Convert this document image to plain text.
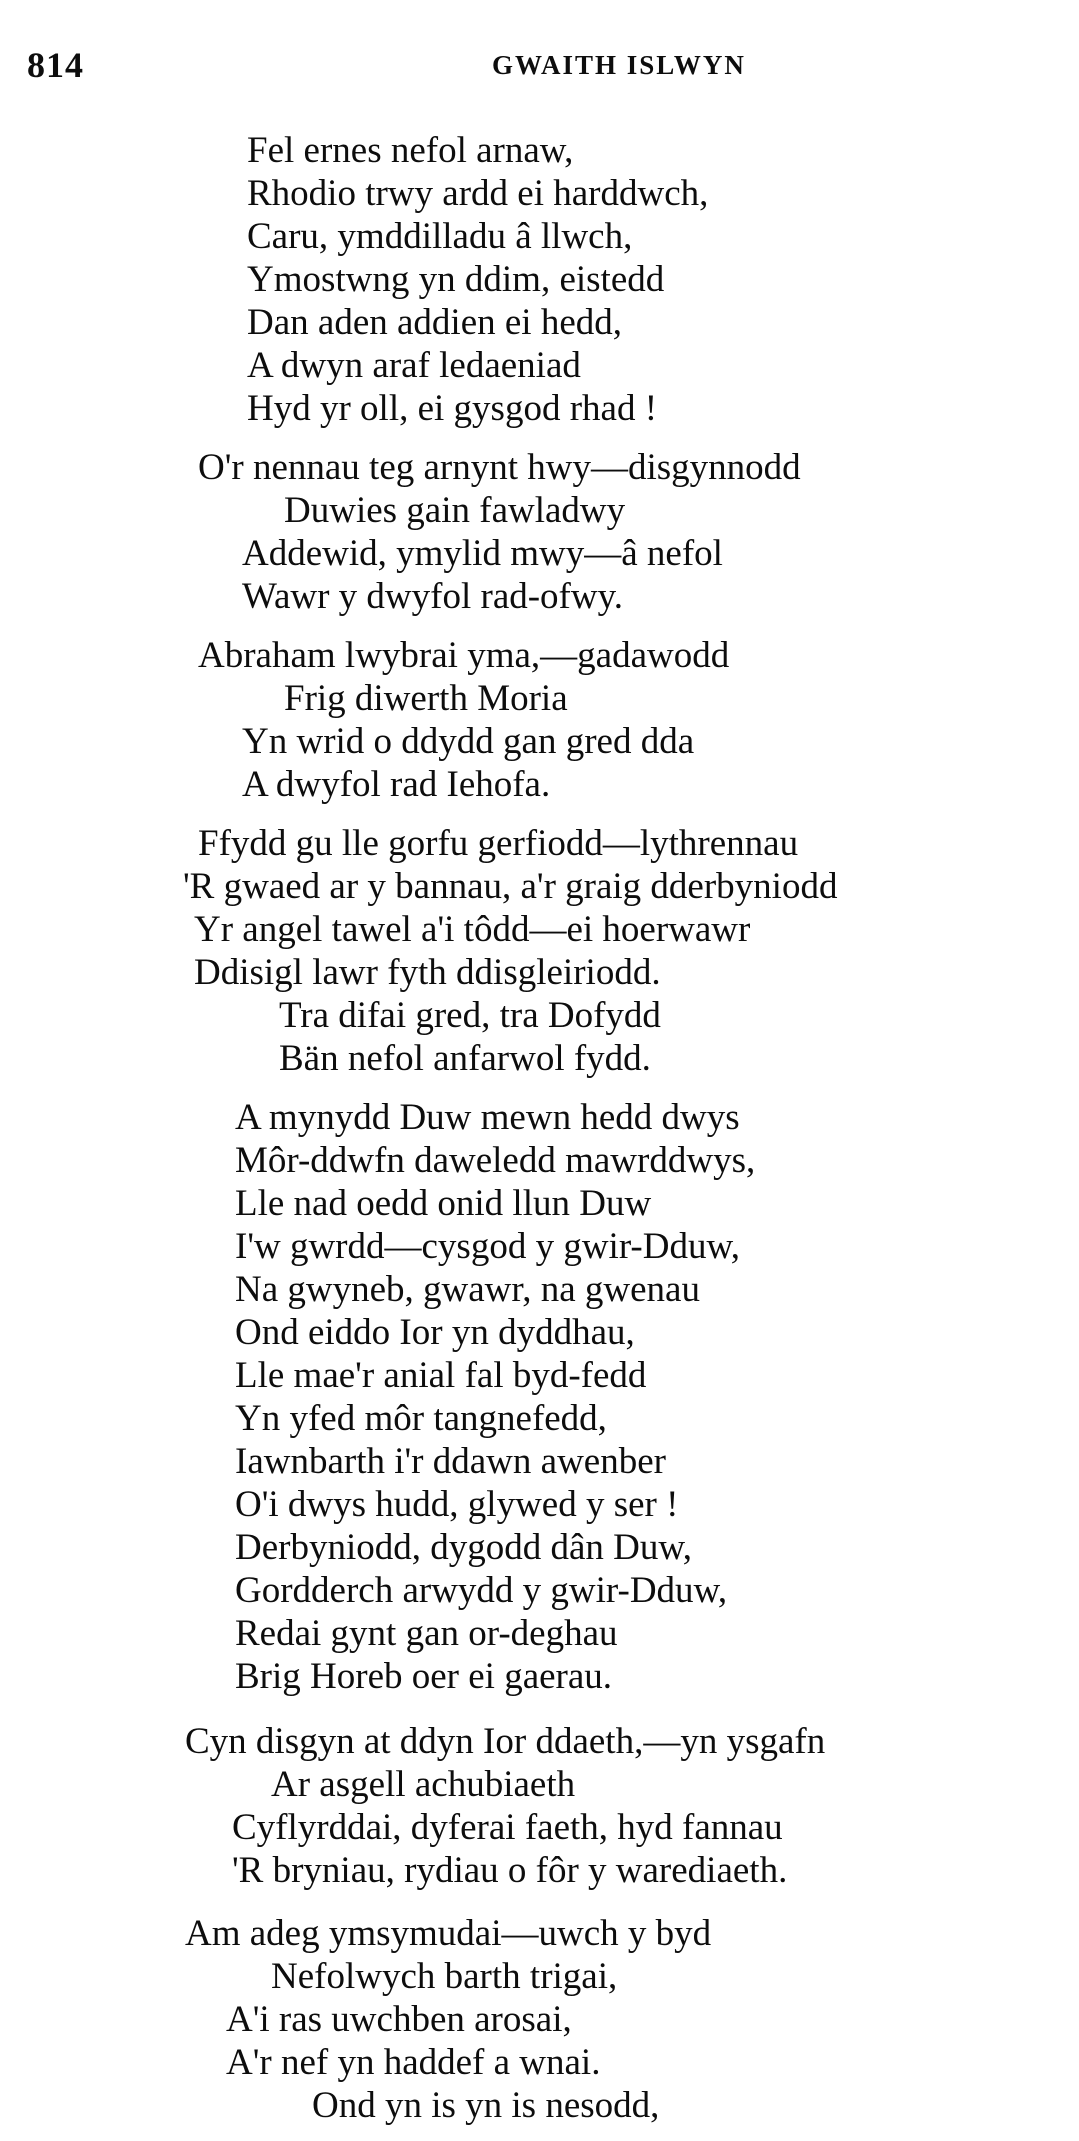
814	GWAITH ISLWYN
Fel ernes nefol arnaw,
Rhodio trwy ardd ei harddwch,
Caru, ymddilladu â llwch,
Ymostwng yn ddim, eistedd
Dan aden addien ei hedd,
A dwyn araf ledaeniad
Hyd yr oll, ei gysgod rhad !
O'r nennau teg arnynt hwy—disgynnodd
Duwies gain fawladwy
Addewid, ymylid mwy—â nefol
Wawr y dwyfol rad-ofwy.
Abraham lwybrai yma,—gadawodd
Frig diwerth Moria
Yn wrid o ddydd gan gred dda
A dwyfol rad Iehofa.
Ffydd gu lle gorfu gerfiodd—lythrennau
'R gwaed ar y bannau, a'r graig dderbyniodd
Yr angel tawel a'i tôdd—ei hoerwawr
Ddisigl lawr fyth ddisgleiriodd.
Tra difai gred, tra Dofydd
Bän nefol anfarwol fydd.
A mynydd Duw mewn hedd dwys
Môr-ddwfn daweledd mawrddwys,
Lle nad oedd onid llun Duw
I'w gwrdd—cysgod y gwir-Dduw,
Na gwyneb, gwawr, na gwenau
Ond eiddo Ior yn dyddhau,
Lle mae'r anial fal byd-fedd
Yn yfed môr tangnefedd,
Iawnbarth i'r ddawn awenber
O'i dwys hudd, glywed y ser !
Derbyniodd, dygodd dân Duw,
Gordderch arwydd y gwir-Dduw,
Redai gynt gan or-deghau
Brig Horeb oer ei gaerau.
Cyn disgyn at ddyn Ior ddaeth,—yn ysgafn
Ar asgell achubiaeth
Cyflyrddai, dyferai faeth, hyd fannau
'R bryniau, rydiau o fôr y warediaeth.
Am adeg ymsymudai—uwch y byd
Nefolwych barth trigai,
A'i ras uwchben arosai,
A'r nef yn haddef a wnai.
Ond yn is yn is nesodd,
